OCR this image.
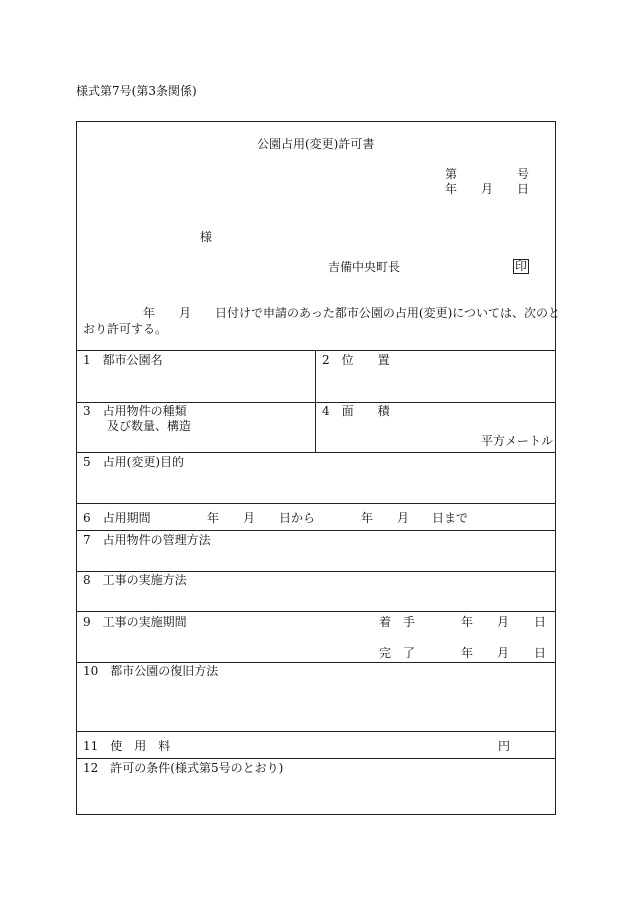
様式第7号(第3条関係)
公園占用(変更)許可書
第	号
年 月 日
様
吉備中央町長	印
年 月 日付けで申請のあった都市公園の占用(変更)については、次のと
おり許可する。
1　都市公園名	2　位　　置
3　占用物件の種類
及び数量、構造
4　面　　積
平方メートル
5　占用(変更)目的
6　占用期間	年 月 日から	年 月 日まで
7　占用物件の管理方法
8　工事の実施方法
9　工事の実施期間	着　手	年 月 日
完　了	年 月 日
10　都市公園の復旧方法
11　使　用　料	円
12　許可の条件(様式第5号のとおり)
